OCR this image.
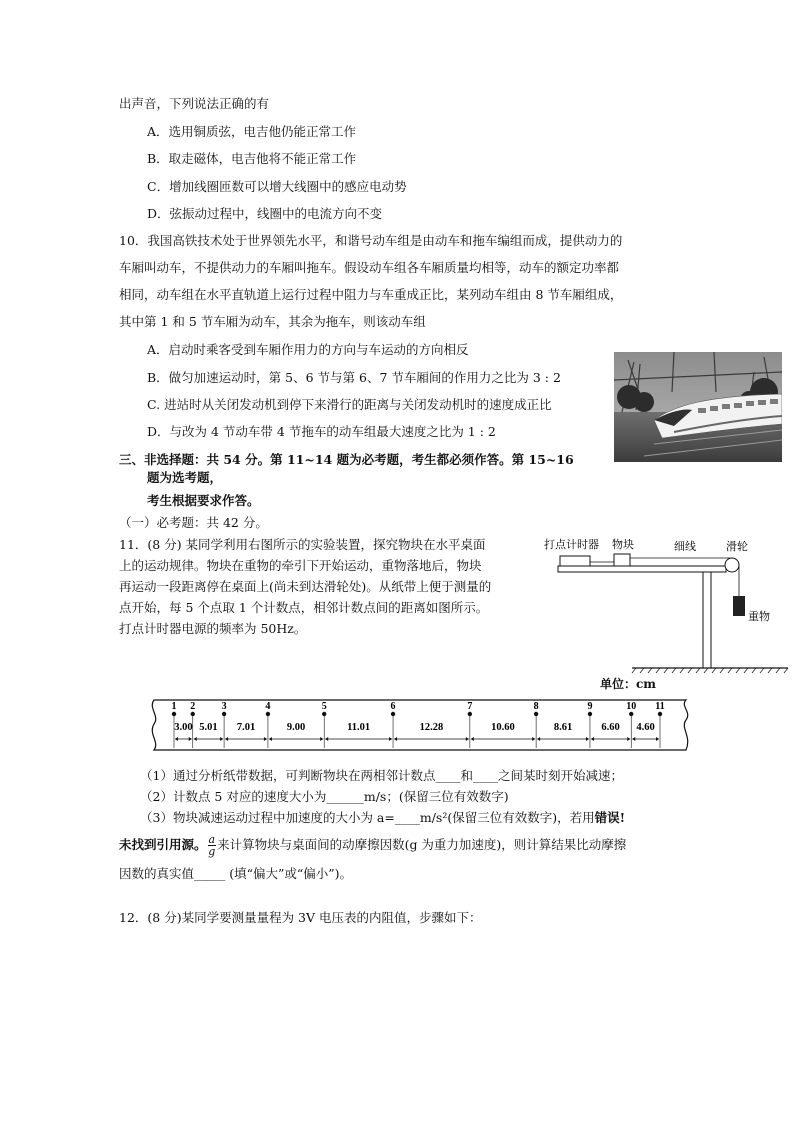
出声音，下列说法正确的有
A．选用铜质弦，电吉他仍能正常工作
B．取走磁体，电吉他将不能正常工作
C．增加线圈匝数可以增大线圈中的感应电动势
D．弦振动过程中，线圈中的电流方向不变
10．我国高铁技术处于世界领先水平，和谐号动车组是由动车和拖车编组而成，提供动力的
车厢叫动车，不提供动力的车厢叫拖车。假设动车组各车厢质量均相等，动车的额定功率都
相同，动车组在水平直轨道上运行过程中阻力与车重成正比，某列动车组由 8 节车厢组成，
其中第 1 和 5 节车厢为动车，其余为拖车，则该动车组
A．启动时乘客受到车厢作用力的方向与车运动的方向相反
B．做匀加速运动时，第 5、6 节与第 6、7 节车厢间的作用力之比为 3 : 2
C. 进站时从关闭发动机到停下来滑行的距离与关闭发动机时的速度成正比
D．与改为 4 节动车带 4 节拖车的动车组最大速度之比为 1 : 2
三、非选择题：共 54 分。第 11~14 题为必考题，考生都必须作答。第 15~16
题为选考题，
考生根据要求作答。
（一）必考题：共 42 分。
11．(8 分) 某同学利用右图所示的实验装置，探究物块在水平桌面
上的运动规律。物块在重物的牵引下开始运动，重物落地后，物块
再运动一段距离停在桌面上(尚未到达滑轮处)。从纸带上便于测量的
点开始，每 5 个点取 1 个计数点，相邻计数点间的距离如图所示。
打点计时器电源的频率为 50Hz。
打点计时器 物块	细线	滑轮
重物
单位：cm
1 2	3	4	5	6	7	8	9	10 11
3.00 5.01 7.01	9.00	11.01	12.28	10.60	8.61	6.60 4.60
（1）通过分析纸带数据，可判断物块在两相邻计数点____和____之间某时刻开始减速；
（2）计数点 5 对应的速度大小为______m/s；(保留三位有效数字)
（3）物块减速运动过程中加速度的大小为 a=____m/s²(保留三位有效数字)，若用错误!
未找到引用源。 $\frac{a}{g}$ 来计算物块与桌面间的动摩擦因数(g 为重力加速度)，则计算结果比动摩擦
因数的真实值_____ (填“偏大”或“偏小”)。
12．(8 分)某同学要测量量程为 3V 电压表的内阻值，步骤如下：
